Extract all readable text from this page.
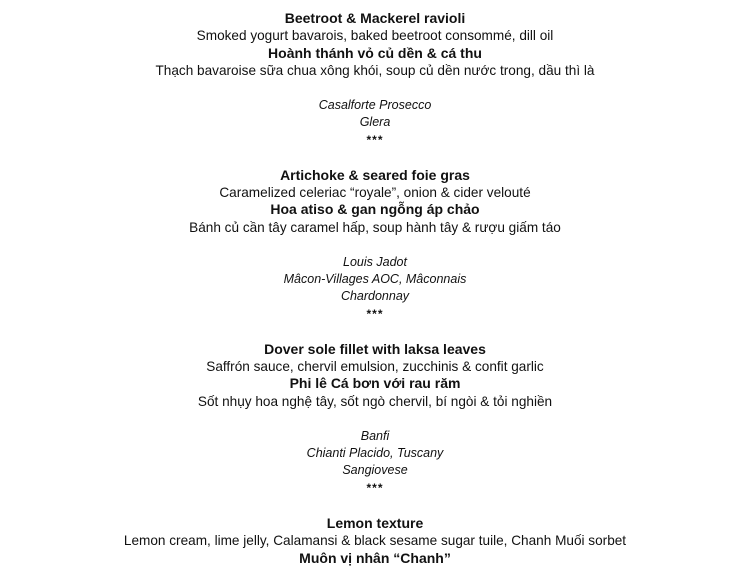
Beetroot & Mackerel ravioli
Smoked yogurt bavarois, baked beetroot consommé, dill oil
Hoành thánh vỏ củ dền & cá thu
Thạch bavaroise sữa chua xông khói, soup củ dền nước trong, dầu thì là
Casalforte Prosecco
Glera
***
Artichoke & seared foie gras
Caramelized celeriac “royale”, onion & cider velouté
Hoa atiso & gan ngỗng áp chảo
Bánh củ cần tây caramel hấp, soup hành tây & rượu giấm táo
Louis Jadot
Mâcon-Villages AOC, Mâconnais
Chardonnay
***
Dover sole fillet with laksa leaves
Saffrón sauce, chervil emulsion, zucchinis & confit garlic
Phi lê Cá bơn với rau răm
Sốt nhụy hoa nghệ tây, sốt ngò chervil, bí ngòi & tỏi nghiền
Banfi
Chianti Placido, Tuscany
Sangiovese
***
Lemon texture
Lemon cream, lime jelly, Calamansi & black sesame sugar tuile, Chanh Muối sorbet
Muôn vị nhân “Chanh”
